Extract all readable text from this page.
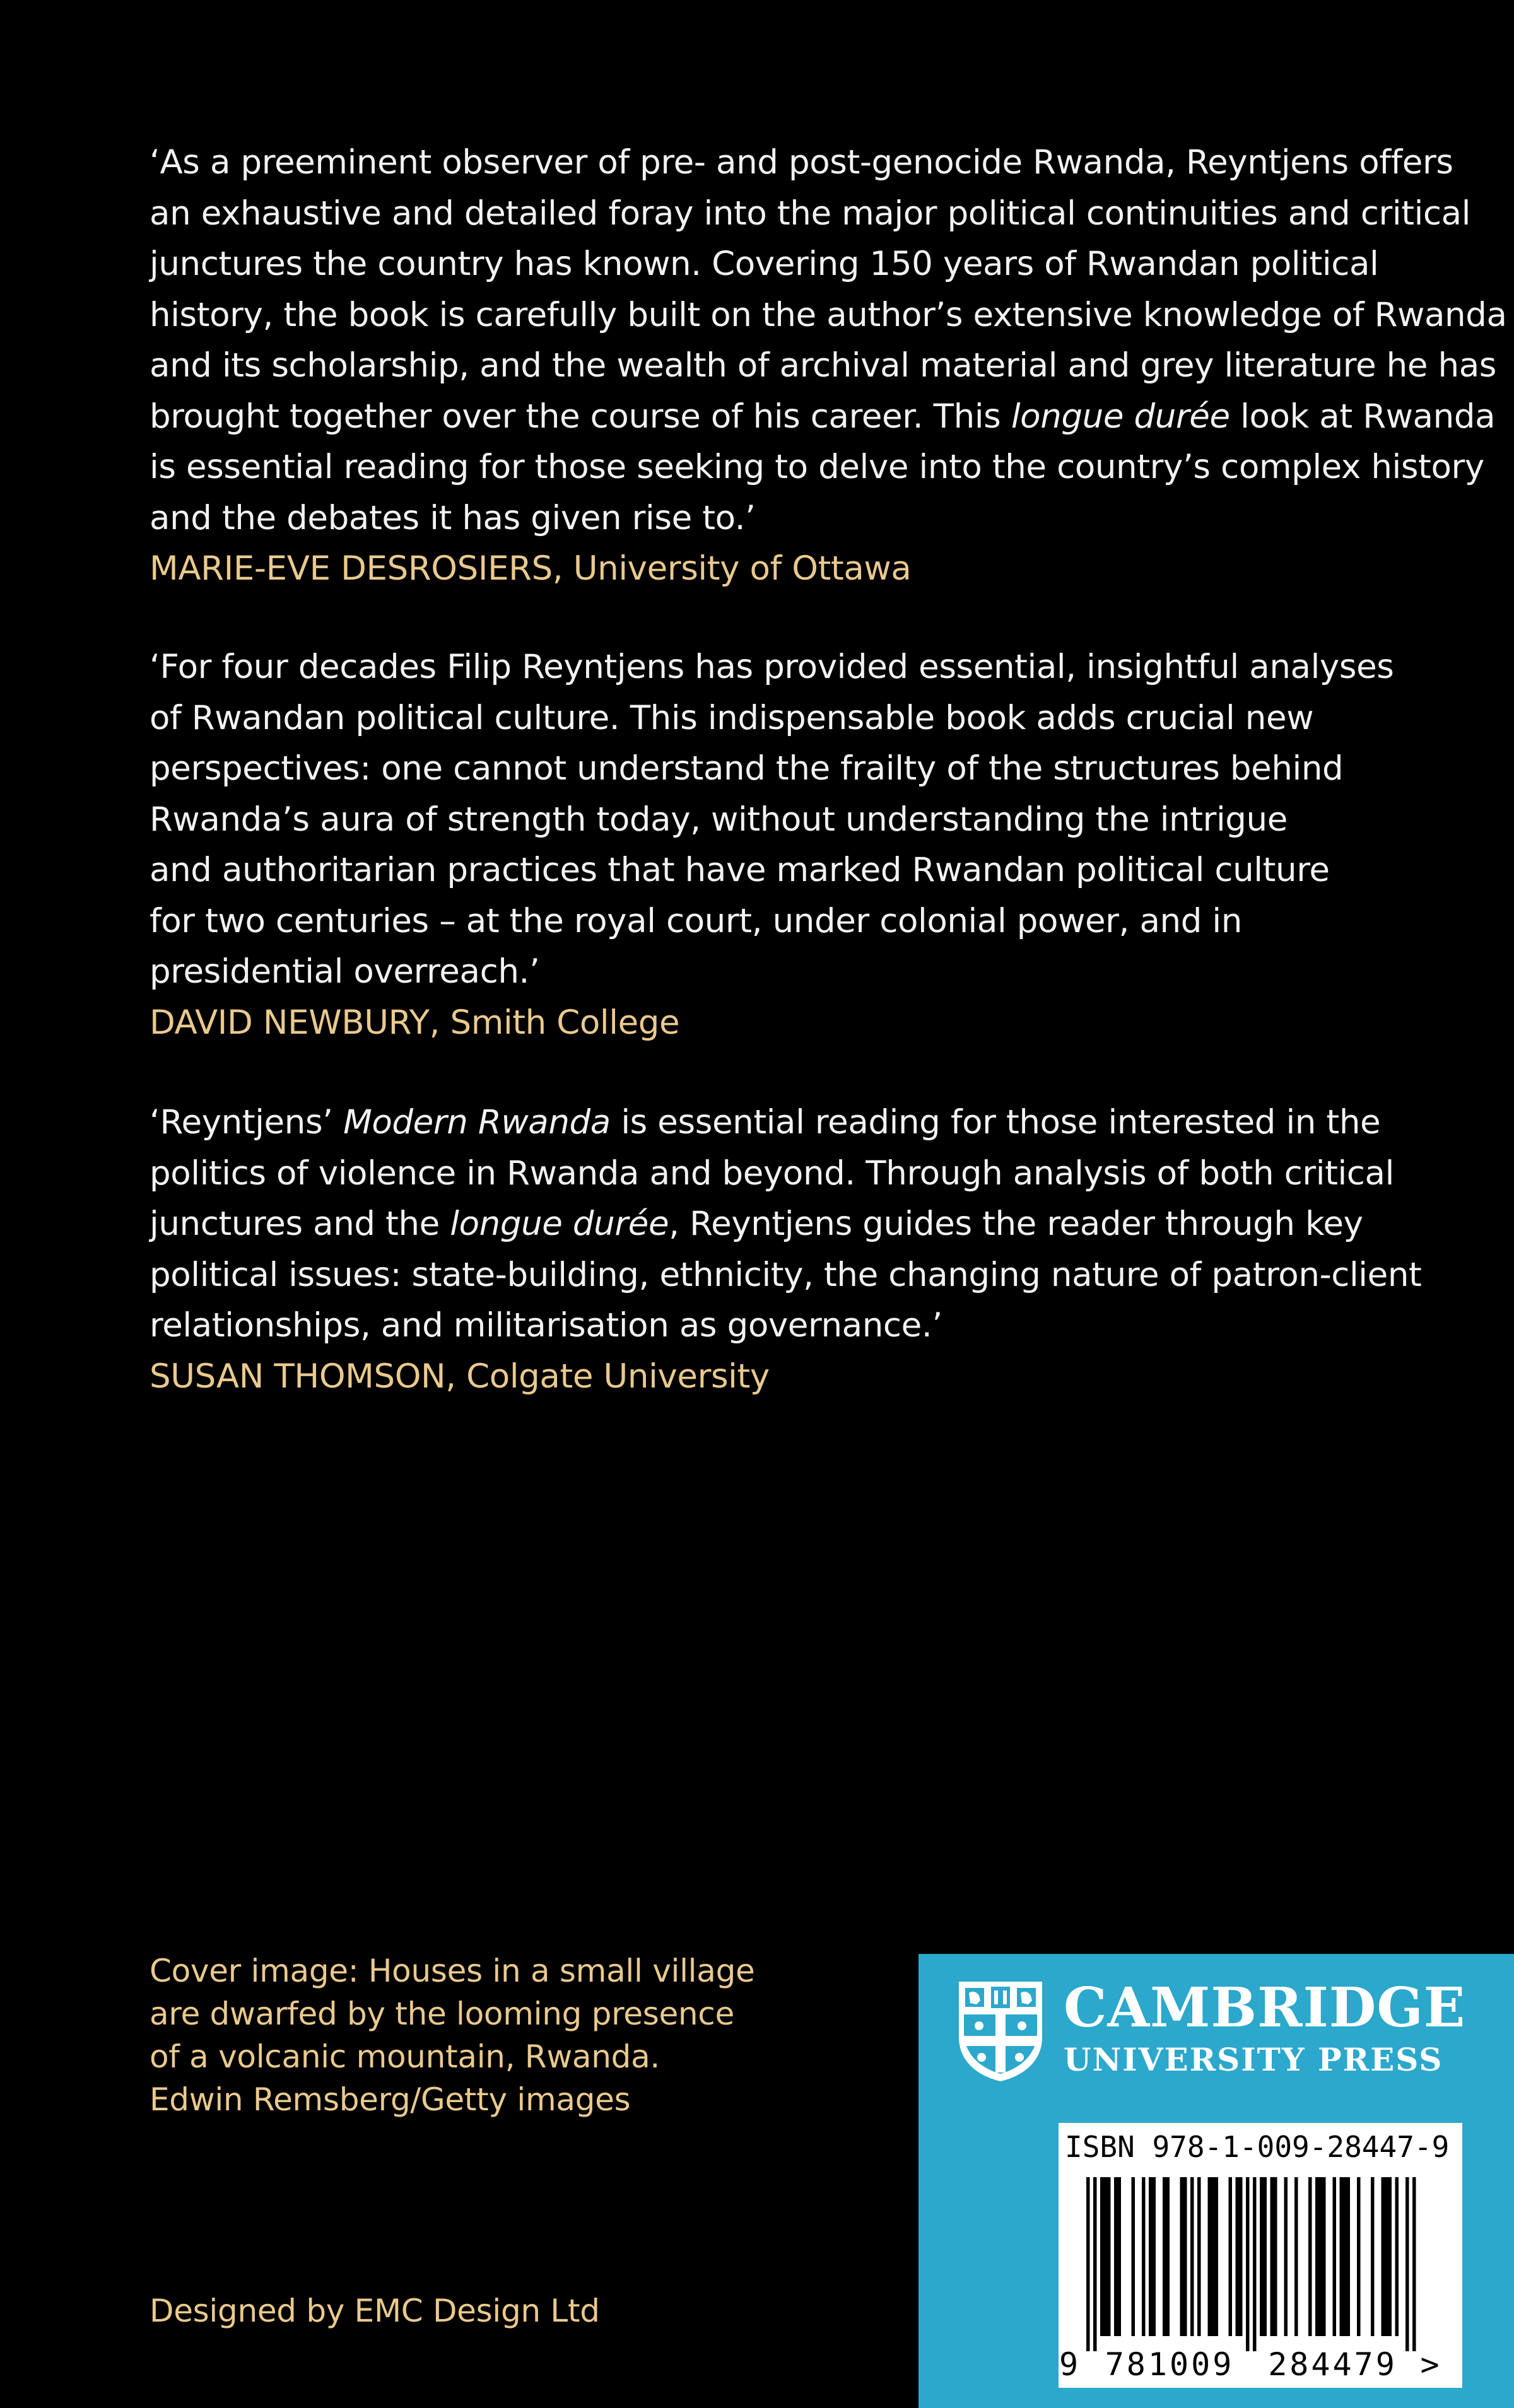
‘As a preeminent observer of pre- and post-genocide Rwanda, Reyntjens offers
an exhaustive and detailed foray into the major political continuities and critical
junctures the country has known. Covering 150 years of Rwandan political
history, the book is carefully built on the author’s extensive knowledge of Rwanda
and its scholarship, and the wealth of archival material and grey literature he has
brought together over the course of his career. This longue durée look at Rwanda
is essential reading for those seeking to delve into the country’s complex history
and the debates it has given rise to.’
MARIE-EVE DESROSIERS, University of Ottawa
‘For four decades Filip Reyntjens has provided essential, insightful analyses
of Rwandan political culture. This indispensable book adds crucial new
perspectives: one cannot understand the frailty of the structures behind
Rwanda’s aura of strength today, without understanding the intrigue
and authoritarian practices that have marked Rwandan political culture
for two centuries – at the royal court, under colonial power, and in
presidential overreach.’
DAVID NEWBURY, Smith College
‘Reyntjens’ Modern Rwanda is essential reading for those interested in the
politics of violence in Rwanda and beyond. Through analysis of both critical
junctures and the longue durée, Reyntjens guides the reader through key
political issues: state-building, ethnicity, the changing nature of patron-client
relationships, and militarisation as governance.’
SUSAN THOMSON, Colgate University
Cover image: Houses in a small village
are dwarfed by the looming presence
of a volcanic mountain, Rwanda.
Edwin Remsberg/Getty images
Designed by EMC Design Ltd
CAMBRIDGE
UNIVERSITY PRESS
ISBN 978-1-009-28447-9
9 781009 284479 >
